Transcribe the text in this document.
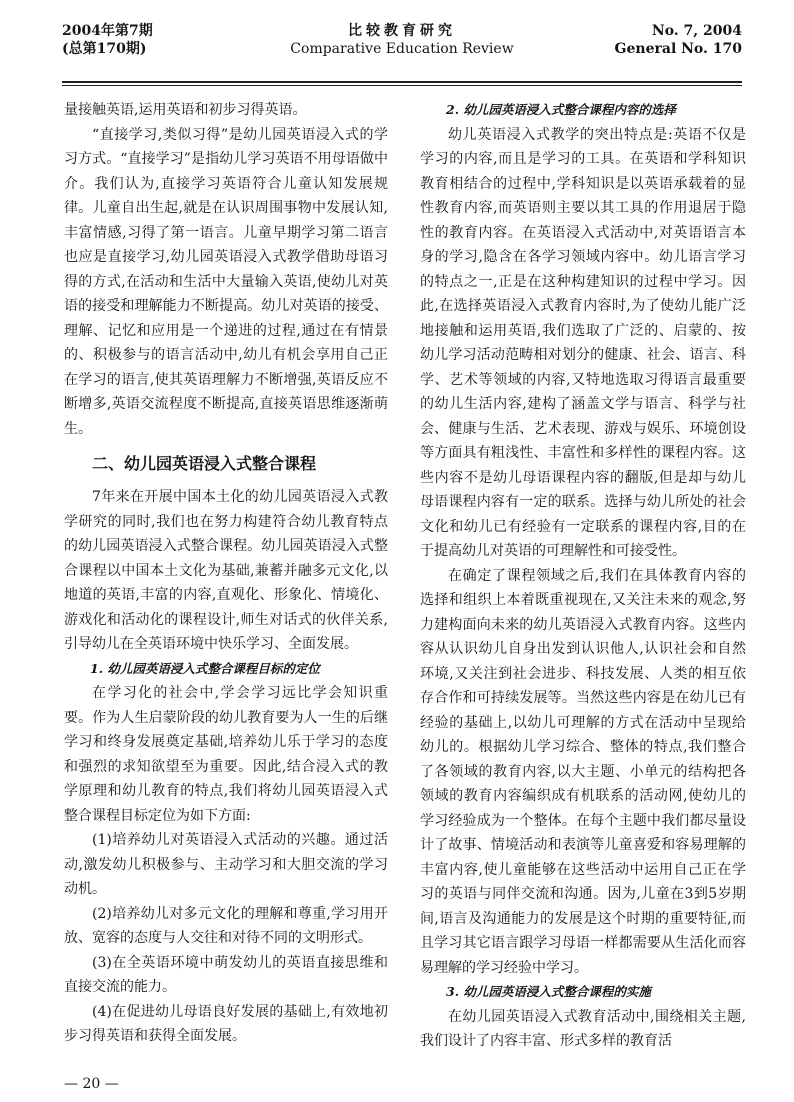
2004年第7期
(总第170期)
比较教育研究
Comparative Education Review
No. 7, 2004
General No. 170

量接触英语,运用英语和初步习得英语。

“直接学习,类似习得”是幼儿园英语浸入式的学习方式。“直接学习”是指幼儿学习英语不用母语做中介。我们认为,直接学习英语符合儿童认知发展规律。儿童自出生起,就是在认识周围事物中发展认知,丰富情感,习得了第一语言。儿童早期学习第二语言也应是直接学习,幼儿园英语浸入式教学借助母语习得的方式,在活动和生活中大量输入英语,使幼儿对英语的接受和理解能力不断提高。幼儿对英语的接受、理解、记忆和应用是一个递进的过程,通过在有情景的、积极参与的语言活动中,幼儿有机会享用自己正在学习的语言,使其英语理解力不断增强,英语反应不断增多,英语交流程度不断提高,直接英语思维逐渐萌生。

二、幼儿园英语浸入式整合课程

7年来在开展中国本土化的幼儿园英语浸入式教学研究的同时,我们也在努力构建符合幼儿教育特点的幼儿园英语浸入式整合课程。幼儿园英语浸入式整合课程以中国本土文化为基础,兼蓄并融多元文化,以地道的英语,丰富的内容,直观化、形象化、情境化、游戏化和活动化的课程设计,师生对话式的伙伴关系,引导幼儿在全英语环境中快乐学习、全面发展。

1. 幼儿园英语浸入式整合课程目标的定位

在学习化的社会中,学会学习远比学会知识重要。作为人生启蒙阶段的幼儿教育要为人一生的后继学习和终身发展奠定基础,培养幼儿乐于学习的态度和强烈的求知欲望至为重要。因此,结合浸入式的教学原理和幼儿教育的特点,我们将幼儿园英语浸入式整合课程目标定位为如下方面:

(1)培养幼儿对英语浸入式活动的兴趣。通过活动,激发幼儿积极参与、主动学习和大胆交流的学习动机。

(2)培养幼儿对多元文化的理解和尊重,学习用开放、宽容的态度与人交往和对待不同的文明形式。

(3)在全英语环境中萌发幼儿的英语直接思维和直接交流的能力。

(4)在促进幼儿母语良好发展的基础上,有效地初步习得英语和获得全面发展。

2. 幼儿园英语浸入式整合课程内容的选择

幼儿英语浸入式教学的突出特点是:英语不仅是学习的内容,而且是学习的工具。在英语和学科知识教育相结合的过程中,学科知识是以英语承载着的显性教育内容,而英语则主要以其工具的作用退居于隐性的教育内容。在英语浸入式活动中,对英语语言本身的学习,隐含在各学习领域内容中。幼儿语言学习的特点之一,正是在这种构建知识的过程中学习。因此,在选择英语浸入式教育内容时,为了使幼儿能广泛地接触和运用英语,我们选取了广泛的、启蒙的、按幼儿学习活动范畴相对划分的健康、社会、语言、科学、艺术等领域的内容,又特地选取习得语言最重要的幼儿生活内容,建构了涵盖文学与语言、科学与社会、健康与生活、艺术表现、游戏与娱乐、环境创设等方面具有粗浅性、丰富性和多样性的课程内容。这些内容不是幼儿母语课程内容的翻版,但是却与幼儿母语课程内容有一定的联系。选择与幼儿所处的社会文化和幼儿已有经验有一定联系的课程内容,目的在于提高幼儿对英语的可理解性和可接受性。

在确定了课程领域之后,我们在具体教育内容的选择和组织上本着既重视现在,又关注未来的观念,努力建构面向未来的幼儿英语浸入式教育内容。这些内容从认识幼儿自身出发到认识他人,认识社会和自然环境,又关注到社会进步、科技发展、人类的相互依存合作和可持续发展等。当然这些内容是在幼儿已有经验的基础上,以幼儿可理解的方式在活动中呈现给幼儿的。根据幼儿学习综合、整体的特点,我们整合了各领域的教育内容,以大主题、小单元的结构把各领域的教育内容编织成有机联系的活动网,使幼儿的学习经验成为一个整体。在每个主题中我们都尽量设计了故事、情境活动和表演等儿童喜爱和容易理解的丰富内容,使儿童能够在这些活动中运用自己正在学习的英语与同伴交流和沟通。因为,儿童在3到5岁期间,语言及沟通能力的发展是这个时期的重要特征,而且学习其它语言跟学习母语一样都需要从生活化而容易理解的学习经验中学习。

3. 幼儿园英语浸入式整合课程的实施

在幼儿园英语浸入式教育活动中,围绕相关主题,我们设计了内容丰富、形式多样的教育活

— 20 —
